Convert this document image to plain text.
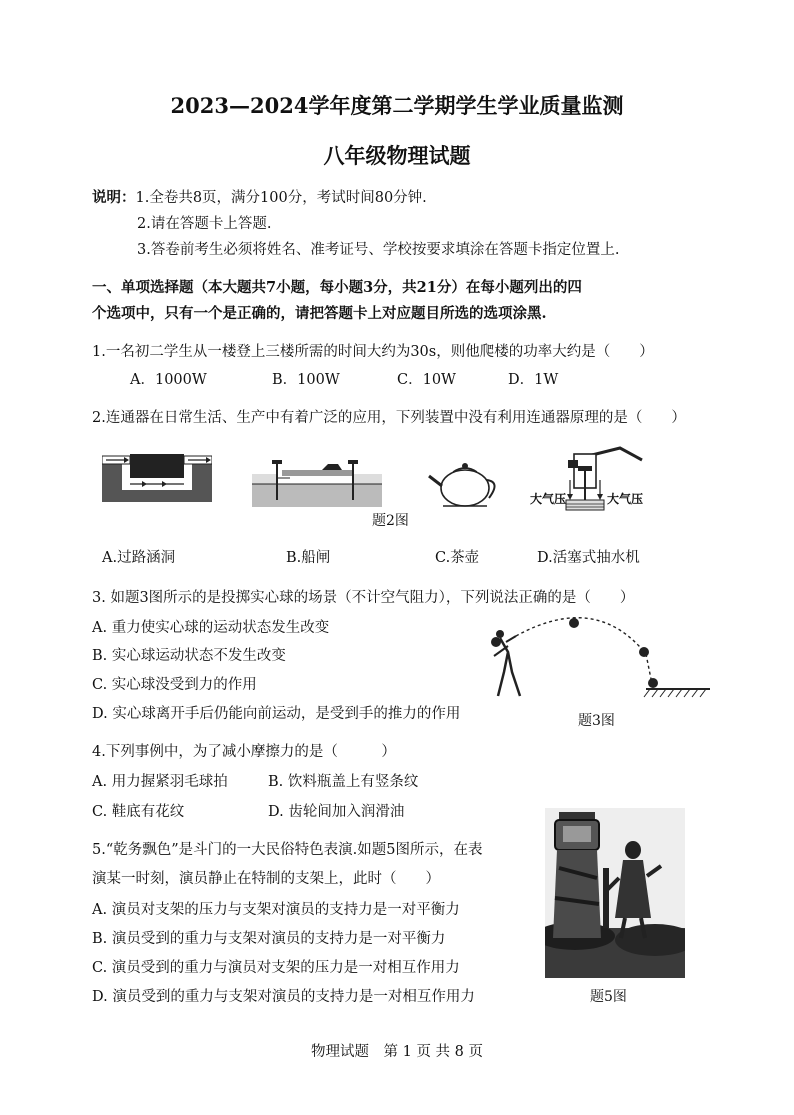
2023—2024学年度第二学期学生学业质量监测
八年级物理试题
说明：1.全卷共8页，满分100分，考试时间80分钟.
2.请在答题卡上答题.
3.答卷前考生必须将姓名、准考证号、学校按要求填涂在答题卡指定位置上.
一、单项选择题（本大题共7小题，每小题3分，共21分）在每小题列出的四
个选项中，只有一个是正确的，请把答题卡上对应题目所选的选项涂黑.
1.一名初二学生从一楼登上三楼所需的时间大约为30s，则他爬楼的功率大约是（　　）
A．1000W	B．100W	C．10W	D．1W
2.连通器在日常生活、生产中有着广泛的应用，下列装置中没有利用连通器原理的是（　　）
大气压	大气压
题2图
A.过路涵洞	B.船闸	C.茶壶	D.活塞式抽水机
3. 如题3图所示的是投掷实心球的场景（不计空气阻力），下列说法正确的是（　　）
A. 重力使实心球的运动状态发生改变
B. 实心球运动状态不发生改变
C. 实心球没受到力的作用
D. 实心球离开手后仍能向前运动，是受到手的推力的作用	题3图
4.下列事例中，为了减小摩擦力的是（　　　）
A. 用力握紧羽毛球拍	B. 饮料瓶盖上有竖条纹
C. 鞋底有花纹	D. 齿轮间加入润滑油
5.“乾务飘色”是斗门的一大民俗特色表演.如题5图所示，在表
演某一时刻，演员静止在特制的支架上，此时（　　）
A. 演员对支架的压力与支架对演员的支持力是一对平衡力
B. 演员受到的重力与支架对演员的支持力是一对平衡力
C. 演员受到的重力与演员对支架的压力是一对相互作用力
D. 演员受到的重力与支架对演员的支持力是一对相互作用力	题5图
物理试题　第 1 页 共 8 页
